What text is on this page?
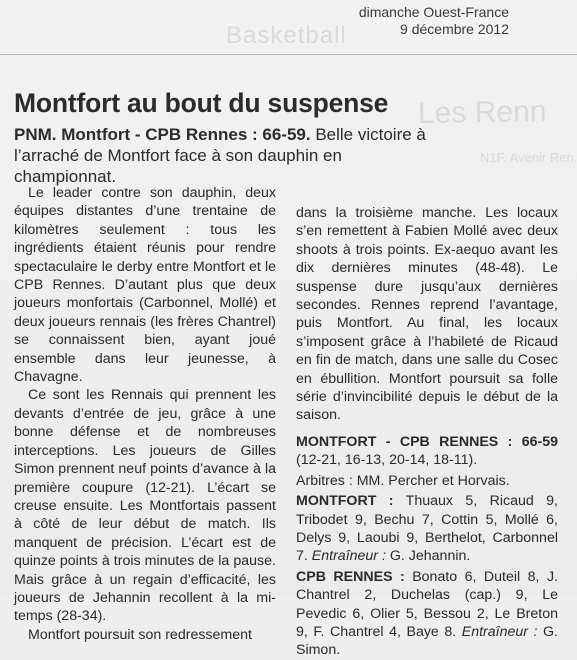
Basketball
Les Renn
N1F. Avenir Ren
dimanche Ouest-France
9 décembre 2012
Montfort au bout du suspense

PNM. Montfort - CPB Rennes : 66-59. Belle victoire à l’arraché de Montfort face à son dauphin en championnat.

Le leader contre son dauphin, deux équipes distantes d’une trentaine de kilomètres seulement : tous les ingrédients étaient réunis pour rendre spectaculaire le derby entre Montfort et le CPB Rennes. D’autant plus que deux joueurs monfortais (Carbonnel, Mollé) et deux joueurs rennais (les frères Chantrel) se connaissent bien, ayant joué ensemble dans leur jeunesse, à Chavagne.

Ce sont les Rennais qui prennent les devants d’entrée de jeu, grâce à une bonne défense et de nombreuses interceptions. Les joueurs de Gilles Simon prennent neuf points d’avance à la première coupure (12-21). L’écart se creuse ensuite. Les Montfortais passent à côté de leur début de match. Ils manquent de précision. L’écart est de quinze points à trois minutes de la pause. Mais grâce à un regain d’efficacité, les joueurs de Jehannin recollent à la mi-temps (28-34).

Montfort poursuit son redressement

dans la troisième manche. Les locaux s’en remettent à Fabien Mollé avec deux shoots à trois points. Ex-aequo avant les dix dernières minutes (48-48). Le suspense dure jusqu’aux dernières secondes. Rennes reprend l’avantage, puis Montfort. Au final, les locaux s’imposent grâce à l’habileté de Ricaud en fin de match, dans une salle du Cosec en ébullition. Montfort poursuit sa folle série d’invincibilité depuis le début de la saison.

MONTFORT - CPB RENNES : 66-59 (12-21, 16-13, 20-14, 18-11).

Arbitres : MM. Percher et Horvais.

MONTFORT : Thuaux 5, Ricaud 9, Tribodet 9, Bechu 7, Cottin 5, Mollé 6, Delys 9, Laoubi 9, Berthelot, Carbonnel 7. Entraîneur : G. Jehannin.

CPB RENNES : Bonato 6, Duteil 8, J. Chantrel 2, Duchelas (cap.) 9, Le Pevedic 6, Olier 5, Bessou 2, Le Breton 9, F. Chantrel 4, Baye 8. Entraîneur : G. Simon.
